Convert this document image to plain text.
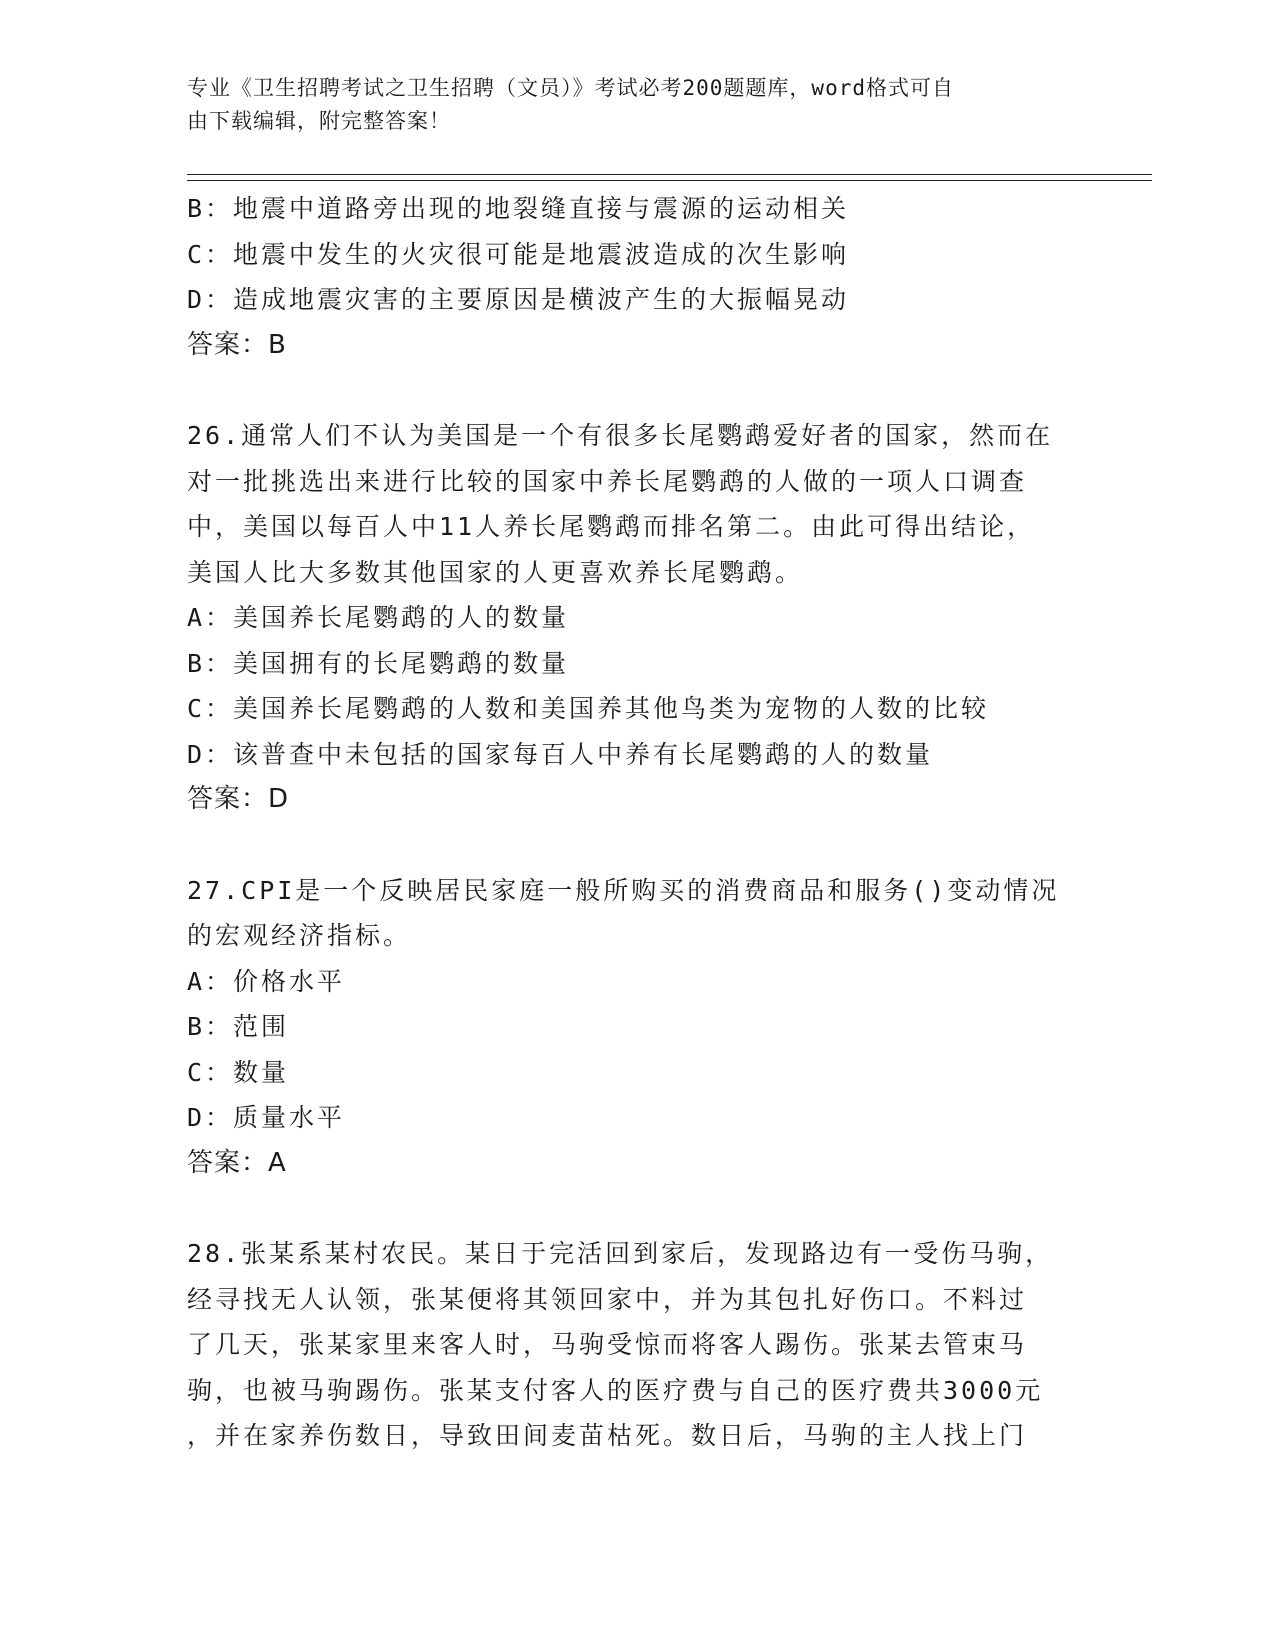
专业《卫生招聘考试之卫生招聘（文员）》考试必考200题题库，word格式可自
由下载编辑，附完整答案！
B：地震中道路旁出现的地裂缝直接与震源的运动相关
C：地震中发生的火灾很可能是地震波造成的次生影响
D：造成地震灾害的主要原因是横波产生的大振幅晃动
答案：B
26.通常人们不认为美国是一个有很多长尾鹦鹉爱好者的国家，然而在
对一批挑选出来进行比较的国家中养长尾鹦鹉的人做的一项人口调查
中，美国以每百人中11人养长尾鹦鹉而排名第二。由此可得出结论，
美国人比大多数其他国家的人更喜欢养长尾鹦鹉。
A：美国养长尾鹦鹉的人的数量
B：美国拥有的长尾鹦鹉的数量
C：美国养长尾鹦鹉的人数和美国养其他鸟类为宠物的人数的比较
D：该普查中未包括的国家每百人中养有长尾鹦鹉的人的数量
答案：D
27.CPI是一个反映居民家庭一般所购买的消费商品和服务()变动情况
的宏观经济指标。
A：价格水平
B：范围
C：数量
D：质量水平
答案：A
28.张某系某村农民。某日于完活回到家后，发现路边有一受伤马驹，
经寻找无人认领，张某便将其领回家中，并为其包扎好伤口。不料过
了几天，张某家里来客人时，马驹受惊而将客人踢伤。张某去管束马
驹，也被马驹踢伤。张某支付客人的医疗费与自己的医疗费共3000元
，并在家养伤数日，导致田间麦苗枯死。数日后，马驹的主人找上门
